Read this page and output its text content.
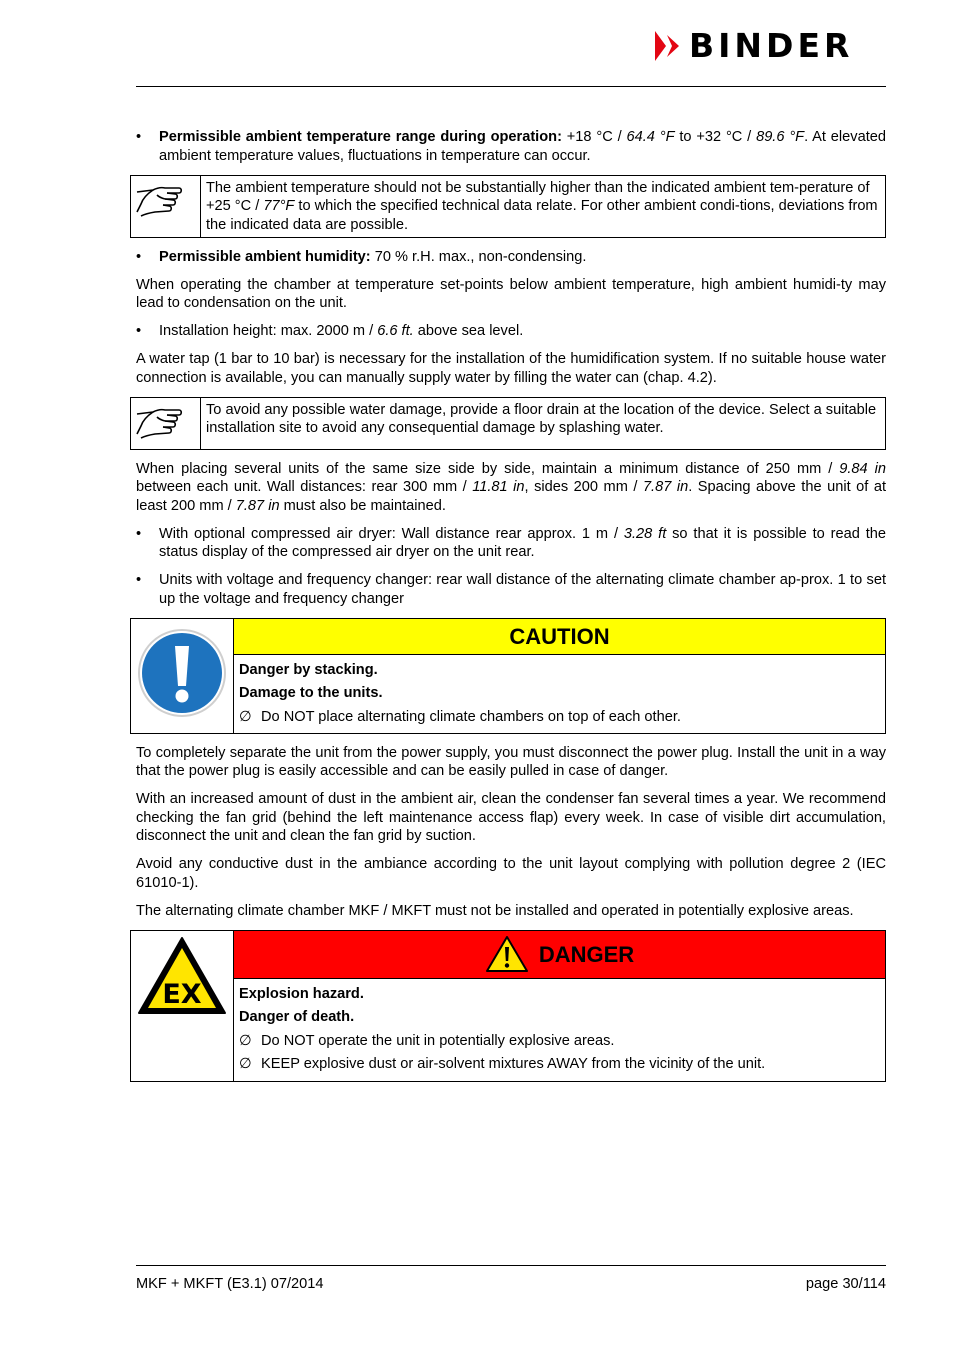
BINDER
• Permissible ambient temperature range during operation: +18 °C / 64.4 °F to +32 °C / 89.6 °F. At elevated ambient temperature values, fluctuations in temperature can occur.
	The ambient temperature should not be substantially higher than the indicated ambient tem-perature of +25 °C / 77°F to which the specified technical data relate. For other ambient condi-tions, deviations from the indicated data are possible.
• Permissible ambient humidity: 70 % r.H. max., non-condensing.

When operating the chamber at temperature set-points below ambient temperature, high ambient humidi-ty may lead to condensation on the unit.

• Installation height: max. 2000 m / 6.6 ft. above sea level.

A water tap (1 bar to 10 bar) is necessary for the installation of the humidification system. If no suitable house water connection is available, you can manually supply water by filling the water can (chap. 4.2).

	To avoid any possible water damage, provide a floor drain at the location of the device. Select a suitable installation site to avoid any consequential damage by splashing water.

When placing several units of the same size side by side, maintain a minimum distance of 250 mm / 9.84 in between each unit. Wall distances: rear 300 mm / 11.81 in, sides 200 mm / 7.87 in. Spacing above the unit of at least 200 mm / 7.87 in must also be maintained.

• With optional compressed air dryer: Wall distance rear approx. 1 m / 3.28 ft so that it is possible to read the status display of the compressed air dryer on the unit rear.
• Units with voltage and frequency changer: rear wall distance of the alternating climate chamber ap-prox. 1 to set up the voltage and frequency changer

CAUTION

Danger by stacking.
Damage to the units.
∅ Do NOT place alternating climate chambers on top of each other.

To completely separate the unit from the power supply, you must disconnect the power plug. Install the unit in a way that the power plug is easily accessible and can be easily pulled in case of danger.

With an increased amount of dust in the ambient air, clean the condenser fan several times a year. We recommend checking the fan grid (behind the left maintenance access flap) every week. In case of visible dirt accumulation, disconnect the unit and clean the fan grid by suction.

Avoid any conductive dust in the ambiance according to the unit layout complying with pollution degree 2 (IEC 61010-1).

The alternating climate chamber MKF / MKFT must not be installed and operated in potentially explosive areas.

EX

DANGER

Explosion hazard.
Danger of death.
∅ Do NOT operate the unit in potentially explosive areas.
∅ KEEP explosive dust or air-solvent mixtures AWAY from the vicinity of the unit.
MKF + MKFT (E3.1) 07/2014	page 30/114
